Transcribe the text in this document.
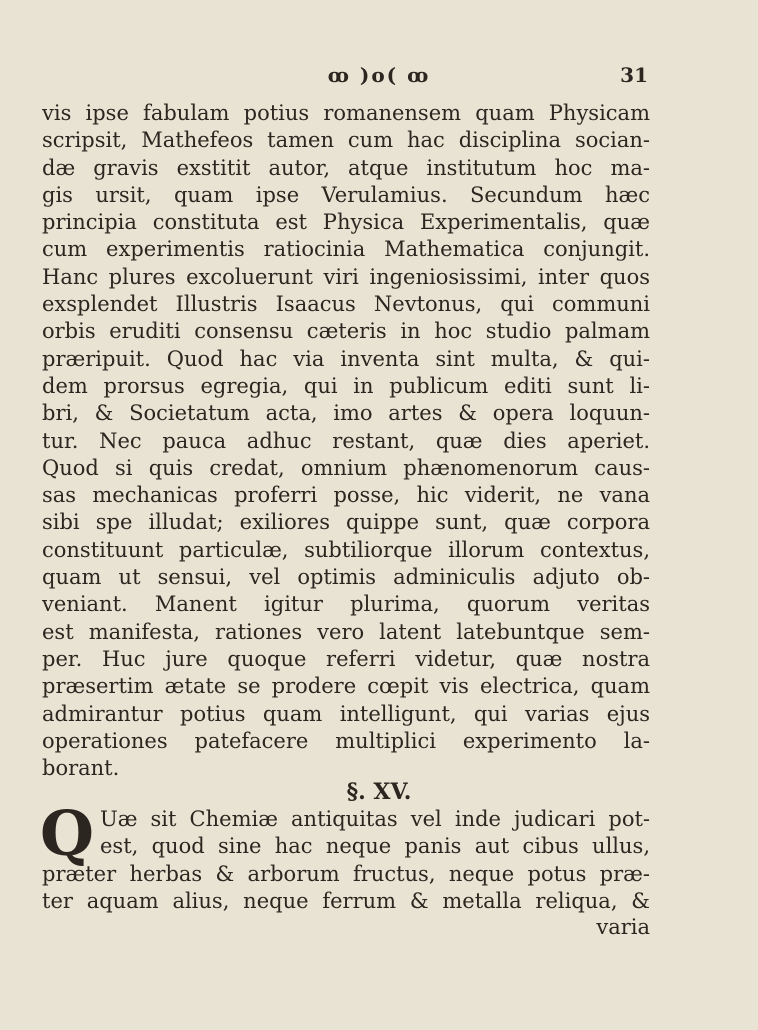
ꝏ )o( ꝏ	31
vis ipse fabulam potius romanensem quam Physicam
scripsit, Mathefeos tamen cum hac disciplina socian-
dæ gravis exstitit autor, atque institutum hoc ma-
gis ursit, quam ipse Verulamius. Secundum hæc
principia constituta est Physica Experimentalis, quæ
cum experimentis ratiocinia Mathematica conjungit.
Hanc plures excoluerunt viri ingeniosissimi, inter quos
exsplendet Illustris Isaacus Nevtonus, qui communi
orbis eruditi consensu cæteris in hoc studio palmam
præripuit. Quod hac via inventa sint multa, & qui-
dem prorsus egregia, qui in publicum editi sunt li-
bri, & Societatum acta, imo artes & opera loquun-
tur. Nec pauca adhuc restant, quæ dies aperiet.
Quod si quis credat, omnium phænomenorum caus-
sas mechanicas proferri posse, hic viderit, ne vana
sibi spe illudat; exiliores quippe sunt, quæ corpora
constituunt particulæ, subtiliorque illorum contextus,
quam ut sensui, vel optimis adminiculis adjuto ob-
veniant. Manent igitur plurima, quorum veritas
est manifesta, rationes vero latent latebuntque sem-
per. Huc jure quoque referri videtur, quæ nostra
præsertim ætate se prodere cœpit vis electrica, quam
admirantur potius quam intelligunt, qui varias ejus
operationes patefacere multiplici experimento la-
borant.
§. XV.
Q Uæ sit Chemiæ antiquitas vel inde judicari pot-
est, quod sine hac neque panis aut cibus ullus,
præter herbas & arborum fructus, neque potus præ-
ter aquam alius, neque ferrum & metalla reliqua, &
varia
